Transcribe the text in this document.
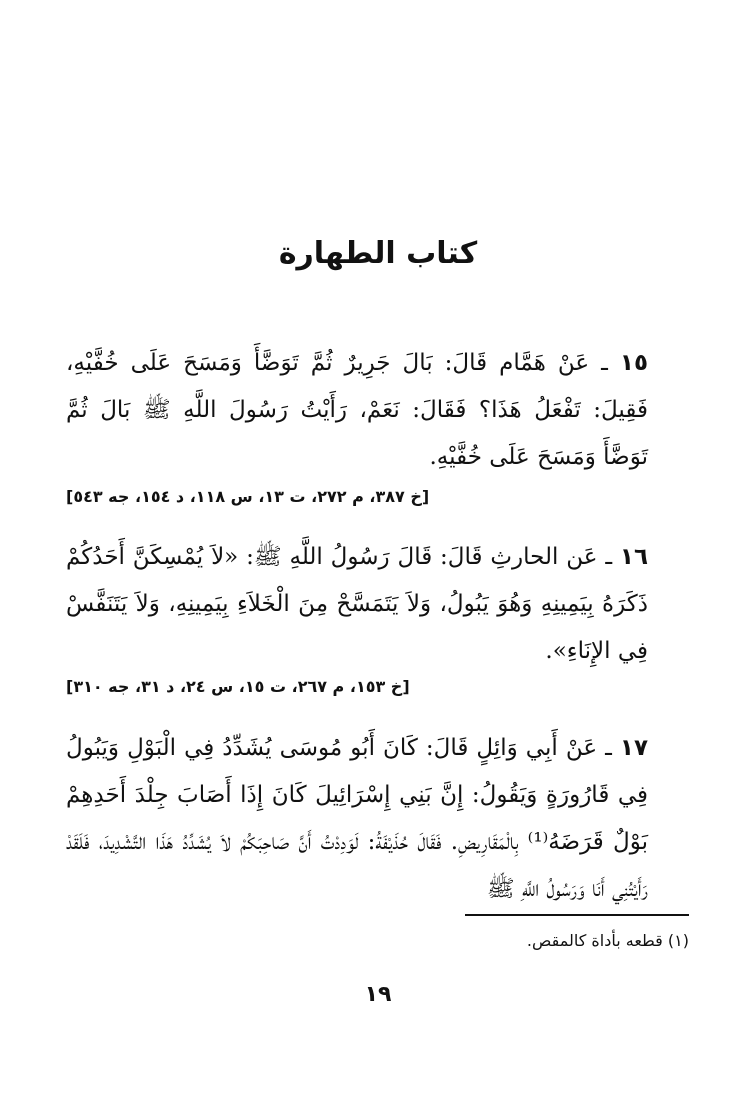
كتاب الطهارة

١٥ ـ عَنْ هَمَّام قَالَ: بَالَ جَرِيرٌ ثُمَّ تَوَضَّأَ وَمَسَحَ عَلَى خُفَّيْهِ، فَقِيلَ: تَفْعَلُ هَذَا؟ فَقَالَ: نَعَمْ، رَأَيْتُ رَسُولَ اللَّهِ ﷺ بَالَ ثُمَّ تَوَضَّأَ وَمَسَحَ عَلَى خُفَّيْهِ.

[خ ٣٨٧، م ٢٧٢، ت ١٣، س ١١٨، د ١٥٤، جه ٥٤٣]

١٦ ـ عَن الحارثِ قَالَ: قَالَ رَسُولُ اللَّهِ ﷺ: «لاَ يُمْسِكَنَّ أَحَدُكُمْ ذَكَرَهُ بِيَمِينِهِ وَهُوَ يَبُولُ، وَلاَ يَتَمَسَّحْ مِنَ الْخَلاَءِ بِيَمِينِهِ، وَلاَ يَتَنَفَّسْ فِي الإِنَاءِ».

[خ ١٥٣، م ٢٦٧، ت ١٥، س ٢٤، د ٣١، جه ٣١٠]

١٧ ـ عَنْ أَبِي وَائِلٍ قَالَ: كَانَ أَبُو مُوسَى يُشَدِّدُ فِي الْبَوْلِ وَيَبُولُ فِي قَارُورَةٍ وَيَقُولُ: إِنَّ بَنِي إِسْرَائِيلَ كَانَ إِذَا أَصَابَ جِلْدَ أَحَدِهِمْ بَوْلٌ قَرَضَهُ⁽¹⁾ بِالْمَقَارِيضِ. فَقَالَ حُذَيْفَةُ: لَوَدِدْتُ أَنَّ صَاحِبَكُمْ لاَ يُشَدِّدُ هَذَا التَّشْدِيدَ، فَلَقَدْ رَأَيْتُنِي أَنَا وَرَسُولُ اللَّهِ ﷺ

(١) قطعه بأداة كالمقص.

١٩
